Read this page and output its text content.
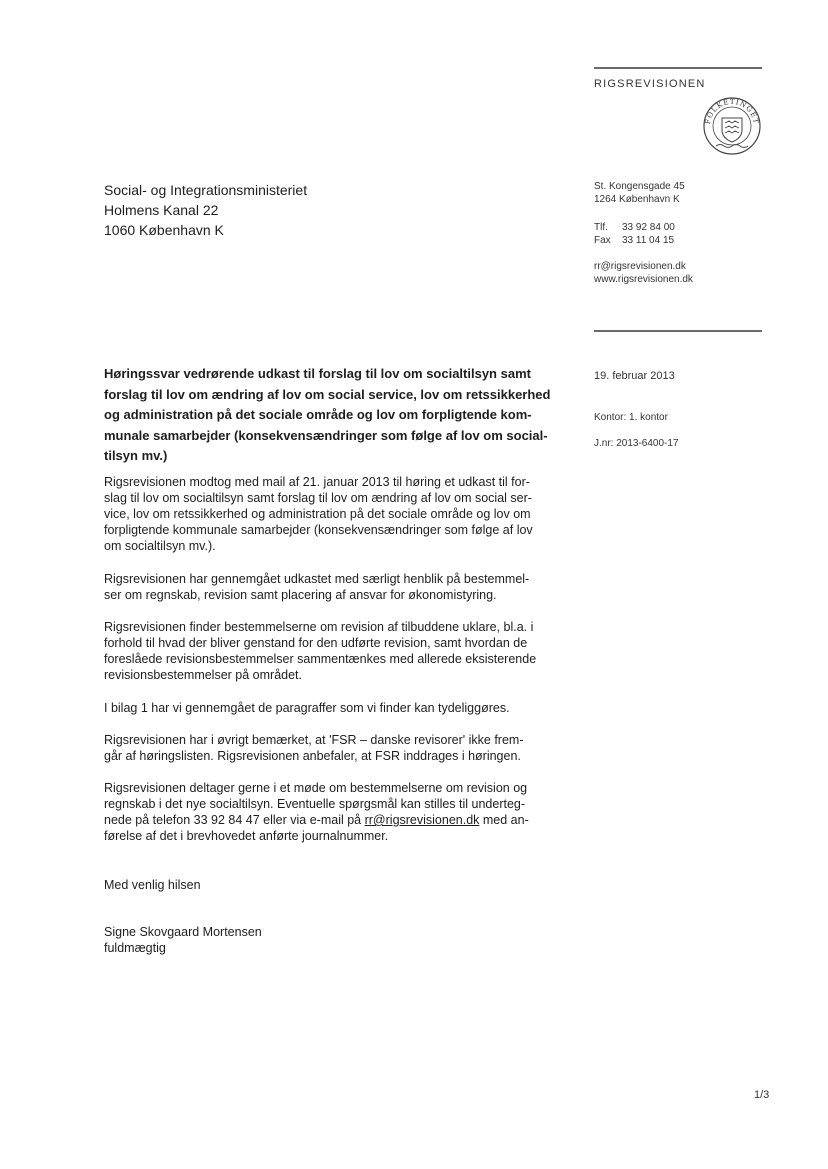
RIGSREVISIONEN
FOLKETINGET
Social- og Integrationsministeriet
Holmens Kanal 22
1060 København K
St. Kongensgade 45
1264 København K
Tlf. 33 92 84 00
Fax 33 11 04 15
rr@rigsrevisionen.dk
www.rigsrevisionen.dk
19. februar 2013
Kontor: 1. kontor
J.nr: 2013-6400-17
Høringssvar vedrørende udkast til forslag til lov om socialtilsyn samt
forslag til lov om ændring af lov om social service, lov om retssikkerhed
og administration på det sociale område og lov om forpligtende kom-
munale samarbejder (konsekvensændringer som følge af lov om social-
tilsyn mv.)
Rigsrevisionen modtog med mail af 21. januar 2013 til høring et udkast til for-
slag til lov om socialtilsyn samt forslag til lov om ændring af lov om social ser-
vice, lov om retssikkerhed og administration på det sociale område og lov om
forpligtende kommunale samarbejder (konsekvensændringer som følge af lov
om socialtilsyn mv.).
Rigsrevisionen har gennemgået udkastet med særligt henblik på bestemmel-
ser om regnskab, revision samt placering af ansvar for økonomistyring.
Rigsrevisionen finder bestemmelserne om revision af tilbuddene uklare, bl.a. i
forhold til hvad der bliver genstand for den udførte revision, samt hvordan de
foreslåede revisionsbestemmelser sammentænkes med allerede eksisterende
revisionsbestemmelser på området.
I bilag 1 har vi gennemgået de paragraffer som vi finder kan tydeliggøres.
Rigsrevisionen har i øvrigt bemærket, at 'FSR – danske revisorer' ikke frem-
går af høringslisten. Rigsrevisionen anbefaler, at FSR inddrages i høringen.
Rigsrevisionen deltager gerne i et møde om bestemmelserne om revision og
regnskab i det nye socialtilsyn. Eventuelle spørgsmål kan stilles til underteg-
nede på telefon 33 92 84 47 eller via e-mail på rr@rigsrevisionen.dk med an-
førelse af det i brevhovedet anførte journalnummer.
Med venlig hilsen
Signe Skovgaard Mortensen
fuldmægtig
1/3
